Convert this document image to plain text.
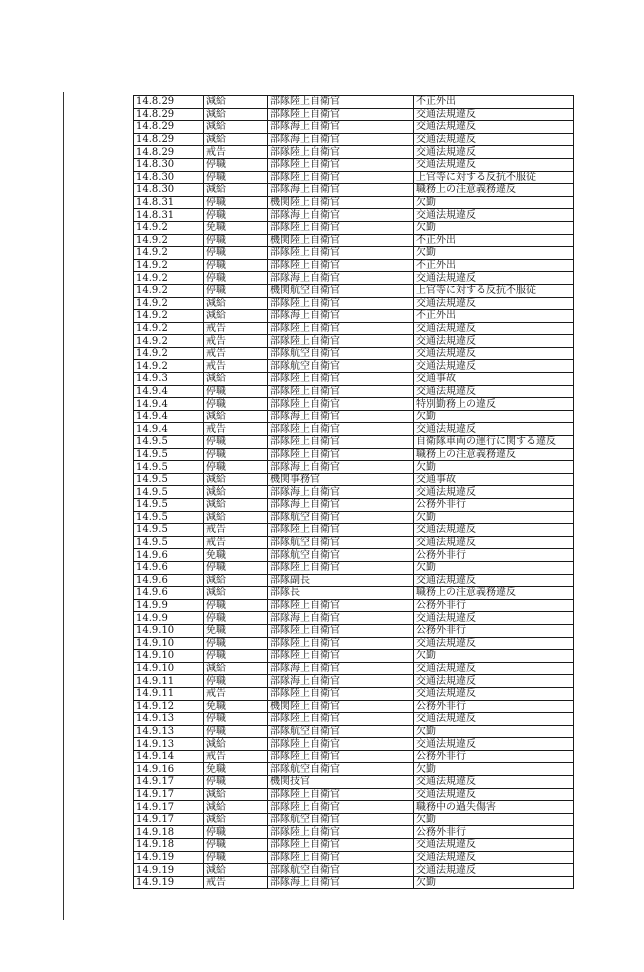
14.8.29	減給	部隊陸上自衛官	不正外出
14.8.29	減給	部隊陸上自衛官	交通法規違反
14.8.29	減給	部隊海上自衛官	交通法規違反
14.8.29	減給	部隊海上自衛官	交通法規違反
14.8.29	戒告	部隊陸上自衛官	交通法規違反
14.8.30	停職	部隊陸上自衛官	交通法規違反
14.8.30	停職	部隊陸上自衛官	上官等に対する反抗不服従
14.8.30	減給	部隊海上自衛官	職務上の注意義務違反
14.8.31	停職	機関陸上自衛官	欠勤
14.8.31	停職	部隊海上自衛官	交通法規違反
14.9.2	免職	部隊陸上自衛官	欠勤
14.9.2	停職	機関陸上自衛官	不正外出
14.9.2	停職	部隊陸上自衛官	欠勤
14.9.2	停職	部隊陸上自衛官	不正外出
14.9.2	停職	部隊海上自衛官	交通法規違反
14.9.2	停職	機関航空自衛官	上官等に対する反抗不服従
14.9.2	減給	部隊陸上自衛官	交通法規違反
14.9.2	減給	部隊海上自衛官	不正外出
14.9.2	戒告	部隊陸上自衛官	交通法規違反
14.9.2	戒告	部隊陸上自衛官	交通法規違反
14.9.2	戒告	部隊航空自衛官	交通法規違反
14.9.2	戒告	部隊航空自衛官	交通法規違反
14.9.3	減給	部隊陸上自衛官	交通事故
14.9.4	停職	部隊陸上自衛官	交通法規違反
14.9.4	停職	部隊陸上自衛官	特別勤務上の違反
14.9.4	減給	部隊海上自衛官	欠勤
14.9.4	戒告	部隊陸上自衛官	交通法規違反
14.9.5	停職	部隊陸上自衛官	自衛隊車両の運行に関する違反
14.9.5	停職	部隊陸上自衛官	職務上の注意義務違反
14.9.5	停職	部隊海上自衛官	欠勤
14.9.5	減給	機関事務官	交通事故
14.9.5	減給	部隊海上自衛官	交通法規違反
14.9.5	減給	部隊海上自衛官	公務外非行
14.9.5	減給	部隊航空自衛官	欠勤
14.9.5	戒告	部隊陸上自衛官	交通法規違反
14.9.5	戒告	部隊航空自衛官	交通法規違反
14.9.6	免職	部隊航空自衛官	公務外非行
14.9.6	停職	部隊陸上自衛官	欠勤
14.9.6	減給	部隊副長	交通法規違反
14.9.6	減給	部隊長	職務上の注意義務違反
14.9.9	停職	部隊陸上自衛官	公務外非行
14.9.9	停職	部隊海上自衛官	交通法規違反
14.9.10	免職	部隊陸上自衛官	公務外非行
14.9.10	停職	部隊陸上自衛官	交通法規違反
14.9.10	停職	部隊陸上自衛官	欠勤
14.9.10	減給	部隊海上自衛官	交通法規違反
14.9.11	停職	部隊海上自衛官	交通法規違反
14.9.11	戒告	部隊陸上自衛官	交通法規違反
14.9.12	免職	機関陸上自衛官	公務外非行
14.9.13	停職	部隊陸上自衛官	交通法規違反
14.9.13	停職	部隊航空自衛官	欠勤
14.9.13	減給	部隊陸上自衛官	交通法規違反
14.9.14	戒告	部隊陸上自衛官	公務外非行
14.9.16	免職	部隊航空自衛官	欠勤
14.9.17	停職	機関技官	交通法規違反
14.9.17	減給	部隊陸上自衛官	交通法規違反
14.9.17	減給	部隊陸上自衛官	職務中の過失傷害
14.9.17	減給	部隊航空自衛官	欠勤
14.9.18	停職	部隊陸上自衛官	公務外非行
14.9.18	停職	部隊陸上自衛官	交通法規違反
14.9.19	停職	部隊陸上自衛官	交通法規違反
14.9.19	減給	部隊航空自衛官	交通法規違反
14.9.19	戒告	部隊海上自衛官	欠勤
